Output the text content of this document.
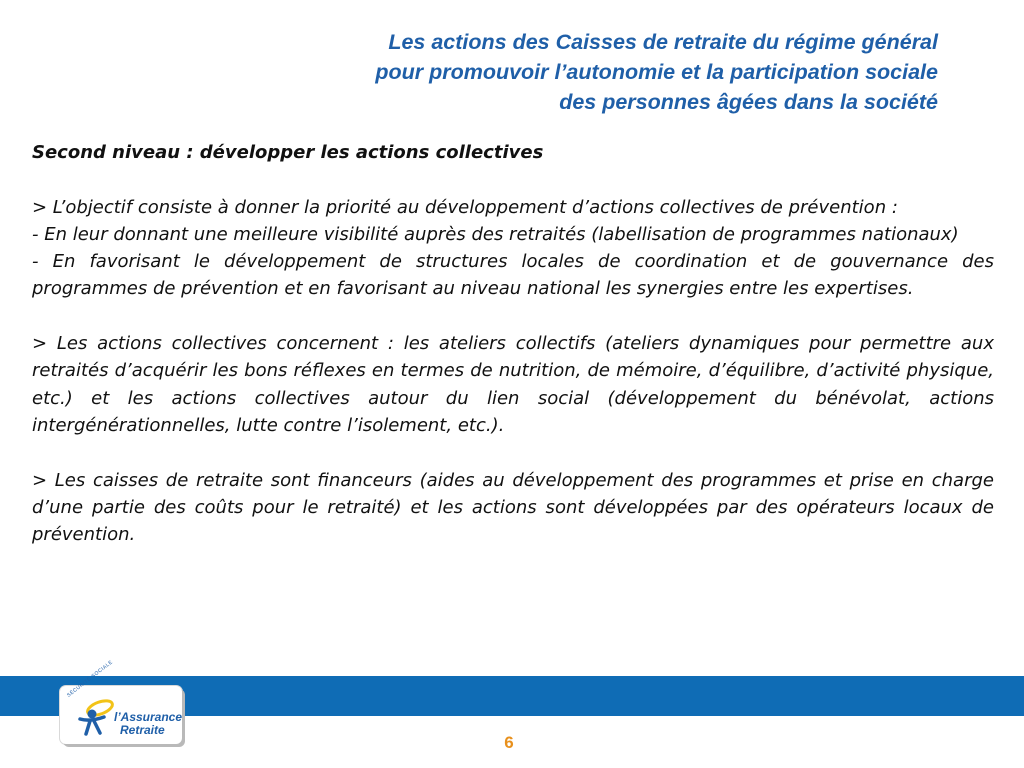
Les actions des Caisses de retraite du régime général
pour promouvoir l’autonomie et la participation sociale
des personnes âgées dans la société

Second niveau : développer les actions collectives

> L’objectif consiste à donner la priorité au développement d’actions collectives de prévention :

- En leur donnant une meilleure visibilité auprès des retraités (labellisation de programmes nationaux)

- En favorisant le développement de structures locales de coordination et de gouvernance des programmes de prévention et en favorisant au niveau national les synergies entre les expertises.

> Les actions collectives concernent : les ateliers collectifs (ateliers dynamiques pour permettre aux retraités d’acquérir les bons réflexes en termes de nutrition, de mémoire, d’équilibre, d’activité physique, etc.) et les actions collectives autour du lien social (développement du bénévolat, actions intergénérationnelles, lutte contre l’isolement, etc.).

> Les caisses de retraite sont financeurs (aides au développement des programmes et prise en charge d’une partie des coûts pour le retraité) et les actions sont développées par des opérateurs locaux de prévention.

SÉCURITÉ SOCIALE
l’Assurance
Retraite
6
